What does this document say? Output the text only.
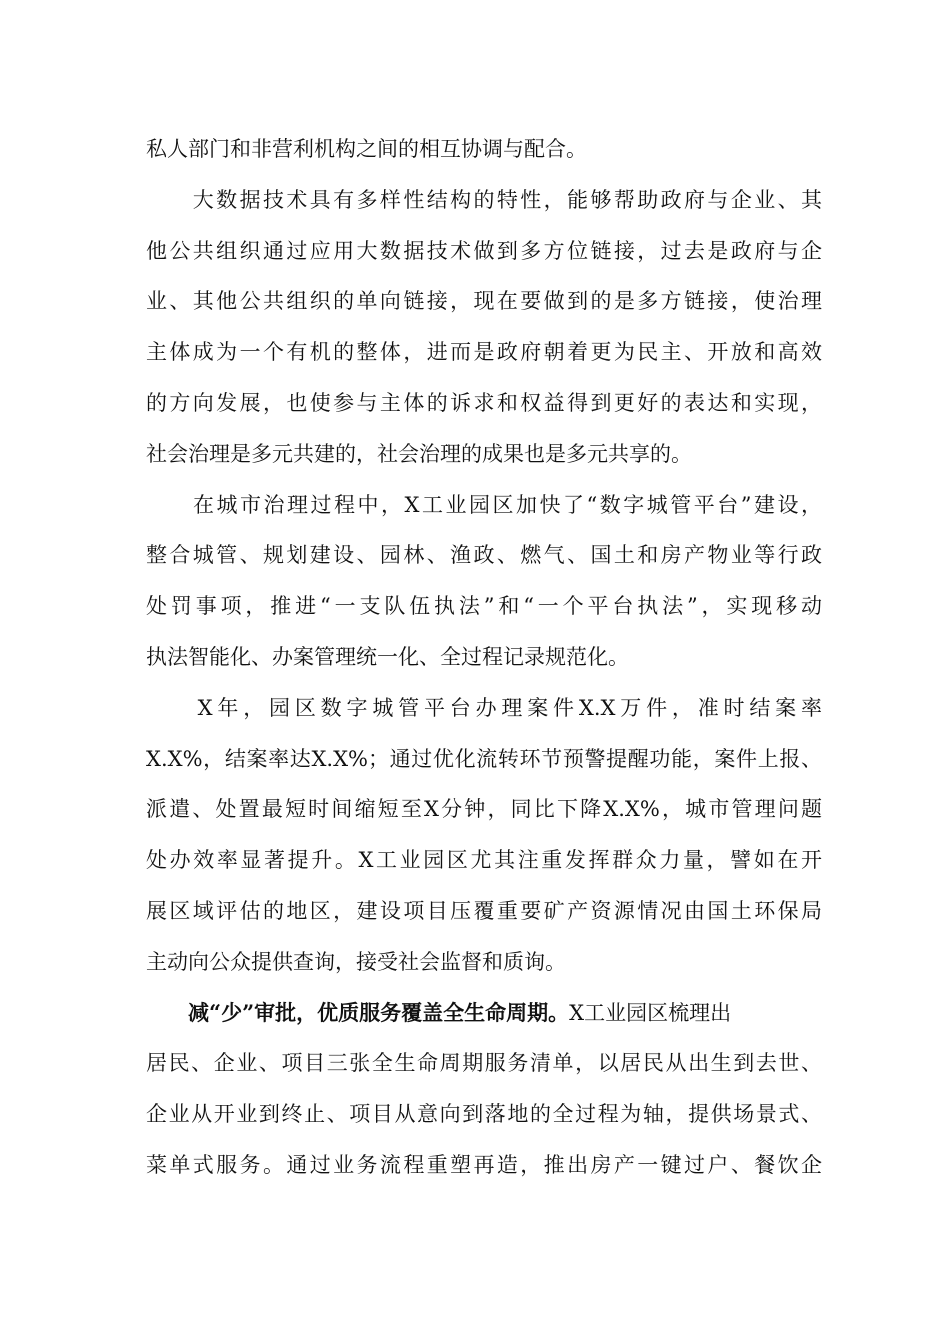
私人部门和非营利机构之间的相互协调与配合。
　　大数据技术具有多样性结构的特性，能够帮助政府与企业、其
他公共组织通过应用大数据技术做到多方位链接，过去是政府与企
业、其他公共组织的单向链接，现在要做到的是多方链接，使治理
主体成为一个有机的整体，进而是政府朝着更为民主、开放和高效
的方向发展，也使参与主体的诉求和权益得到更好的表达和实现，
社会治理是多元共建的，社会治理的成果也是多元共享的。
　　在城市治理过程中，X工业园区加快了“数字城管平台”建设，
整合城管、规划建设、园林、渔政、燃气、国土和房产物业等行政
处罚事项，推进“一支队伍执法”和“一个平台执法”，实现移动
执法智能化、办案管理统一化、全过程记录规范化。
　　X年，园区数字城管平台办理案件X.X万件，准时结案率
X.X%，结案率达X.X%；通过优化流转环节预警提醒功能，案件上报、
派遣、处置最短时间缩短至X分钟，同比下降X.X%，城市管理问题
处办效率显著提升。X工业园区尤其注重发挥群众力量，譬如在开
展区域评估的地区，建设项目压覆重要矿产资源情况由国土环保局
主动向公众提供查询，接受社会监督和质询。
　　减“少”审批，优质服务覆盖全生命周期。X工业园区梳理出
居民、企业、项目三张全生命周期服务清单，以居民从出生到去世、
企业从开业到终止、项目从意向到落地的全过程为轴，提供场景式、
菜单式服务。通过业务流程重塑再造，推出房产一键过户、餐饮企
